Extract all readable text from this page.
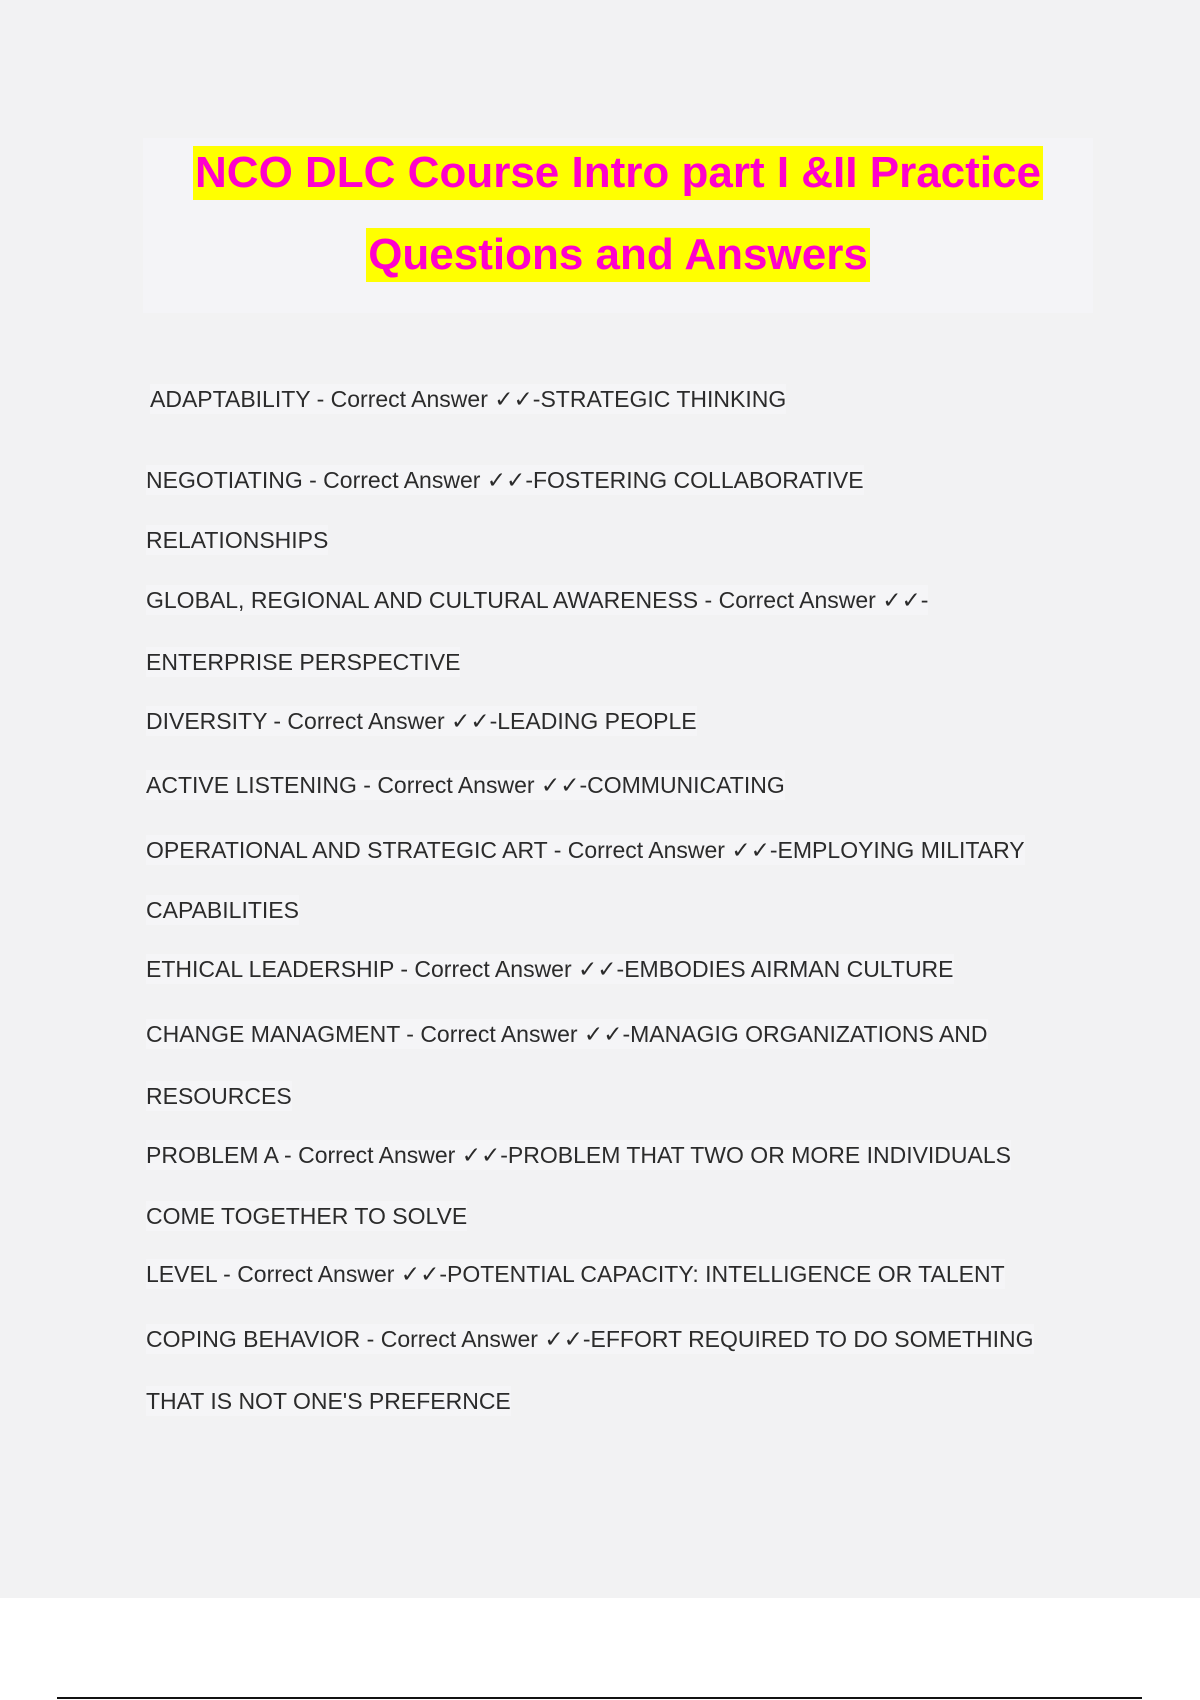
NCO DLC Course Intro part I &II Practice
Questions and Answers
ADAPTABILITY - Correct Answer ✓✓-STRATEGIC THINKING
NEGOTIATING - Correct Answer ✓✓-FOSTERING COLLABORATIVE
RELATIONSHIPS
GLOBAL, REGIONAL AND CULTURAL AWARENESS - Correct Answer ✓✓-
ENTERPRISE PERSPECTIVE
DIVERSITY - Correct Answer ✓✓-LEADING PEOPLE
ACTIVE LISTENING - Correct Answer ✓✓-COMMUNICATING
OPERATIONAL AND STRATEGIC ART - Correct Answer ✓✓-EMPLOYING MILITARY
CAPABILITIES
ETHICAL LEADERSHIP - Correct Answer ✓✓-EMBODIES AIRMAN CULTURE
CHANGE MANAGMENT - Correct Answer ✓✓-MANAGIG ORGANIZATIONS AND
RESOURCES
PROBLEM A - Correct Answer ✓✓-PROBLEM THAT TWO OR MORE INDIVIDUALS
COME TOGETHER TO SOLVE
LEVEL - Correct Answer ✓✓-POTENTIAL CAPACITY: INTELLIGENCE OR TALENT
COPING BEHAVIOR - Correct Answer ✓✓-EFFORT REQUIRED TO DO SOMETHING
THAT IS NOT ONE'S PREFERNCE
